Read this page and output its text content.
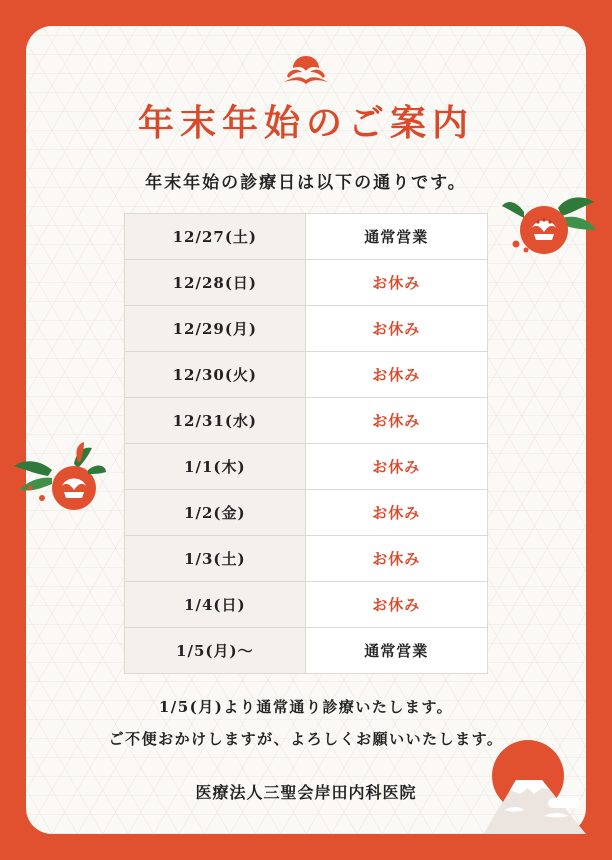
年末年始のご案内
年末年始の診療日は以下の通りです。
12/27(土)	通常営業
12/28(日)	お休み
12/29(月)	お休み
12/30(火)	お休み
12/31(水)	お休み
1/1(木)	お休み
1/2(金)	お休み
1/3(土)	お休み
1/4(日)	お休み
1/5(月)～	通常営業
1/5(月)より通常通り診療いたします。
ご不便おかけしますが、よろしくお願いいたします。
医療法人三聖会岸田内科医院
